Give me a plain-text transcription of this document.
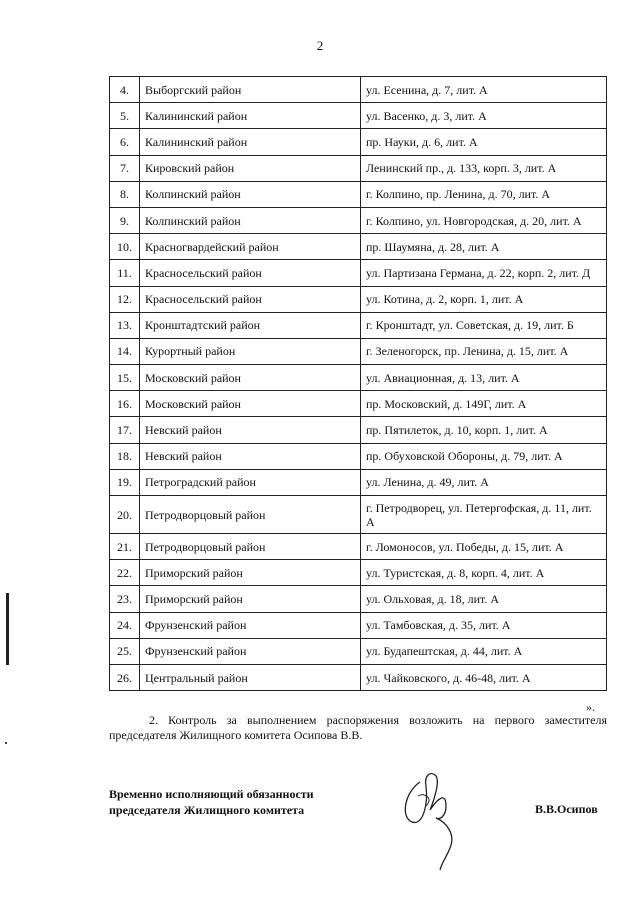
2
4.	Выборгский район	ул. Есенина, д. 7, лит. А
5.	Калининский район	ул. Васенко, д. 3, лит. А
6.	Калининский район	пр. Науки, д. 6, лит. А
7.	Кировский район	Ленинский пр., д. 133, корп. 3, лит. А
8.	Колпинский район	г. Колпино, пр. Ленина, д. 70, лит. А
9.	Колпинский район	г. Колпино, ул. Новгородская, д. 20, лит. А
10.	Красногвардейский район	пр. Шаумяна, д. 28, лит. А
11.	Красносельский район	ул. Партизана Германа, д. 22, корп. 2, лит. Д
12.	Красносельский район	ул. Котина, д. 2, корп. 1, лит. А
13.	Кронштадтский район	г. Кронштадт, ул. Советская, д. 19, лит. Б
14.	Курортный район	г. Зеленогорск, пр. Ленина, д. 15, лит. А
15.	Московский район	ул. Авиационная, д. 13, лит. А
16.	Московский район	пр. Московский, д. 149Г, лит. А
17.	Невский район	пр. Пятилеток, д. 10, корп. 1, лит. А
18.	Невский район	пр. Обуховской Обороны, д. 79, лит. А
19.	Петроградский район	ул. Ленина, д. 49, лит. А
20.	Петродворцовый район	г. Петродворец, ул. Петергофская, д. 11, лит. А
21.	Петродворцовый район	г. Ломоносов, ул. Победы, д. 15, лит. А
22.	Приморский район	ул. Туристская, д. 8, корп. 4, лит. А
23.	Приморский район	ул. Ольховая, д. 18, лит. А
24.	Фрунзенский район	ул. Тамбовская, д. 35, лит. А
25.	Фрунзенский район	ул. Будапештская, д. 44, лит. А
26.	Центральный район	ул. Чайковского, д. 46-48, лит. А
».
2. Контроль за выполнением распоряжения возложить на первого заместителя председателя Жилищного комитета Осипова В.В.
Временно исполняющий обязанности
председателя Жилищного комитета	В.В.Осипов
